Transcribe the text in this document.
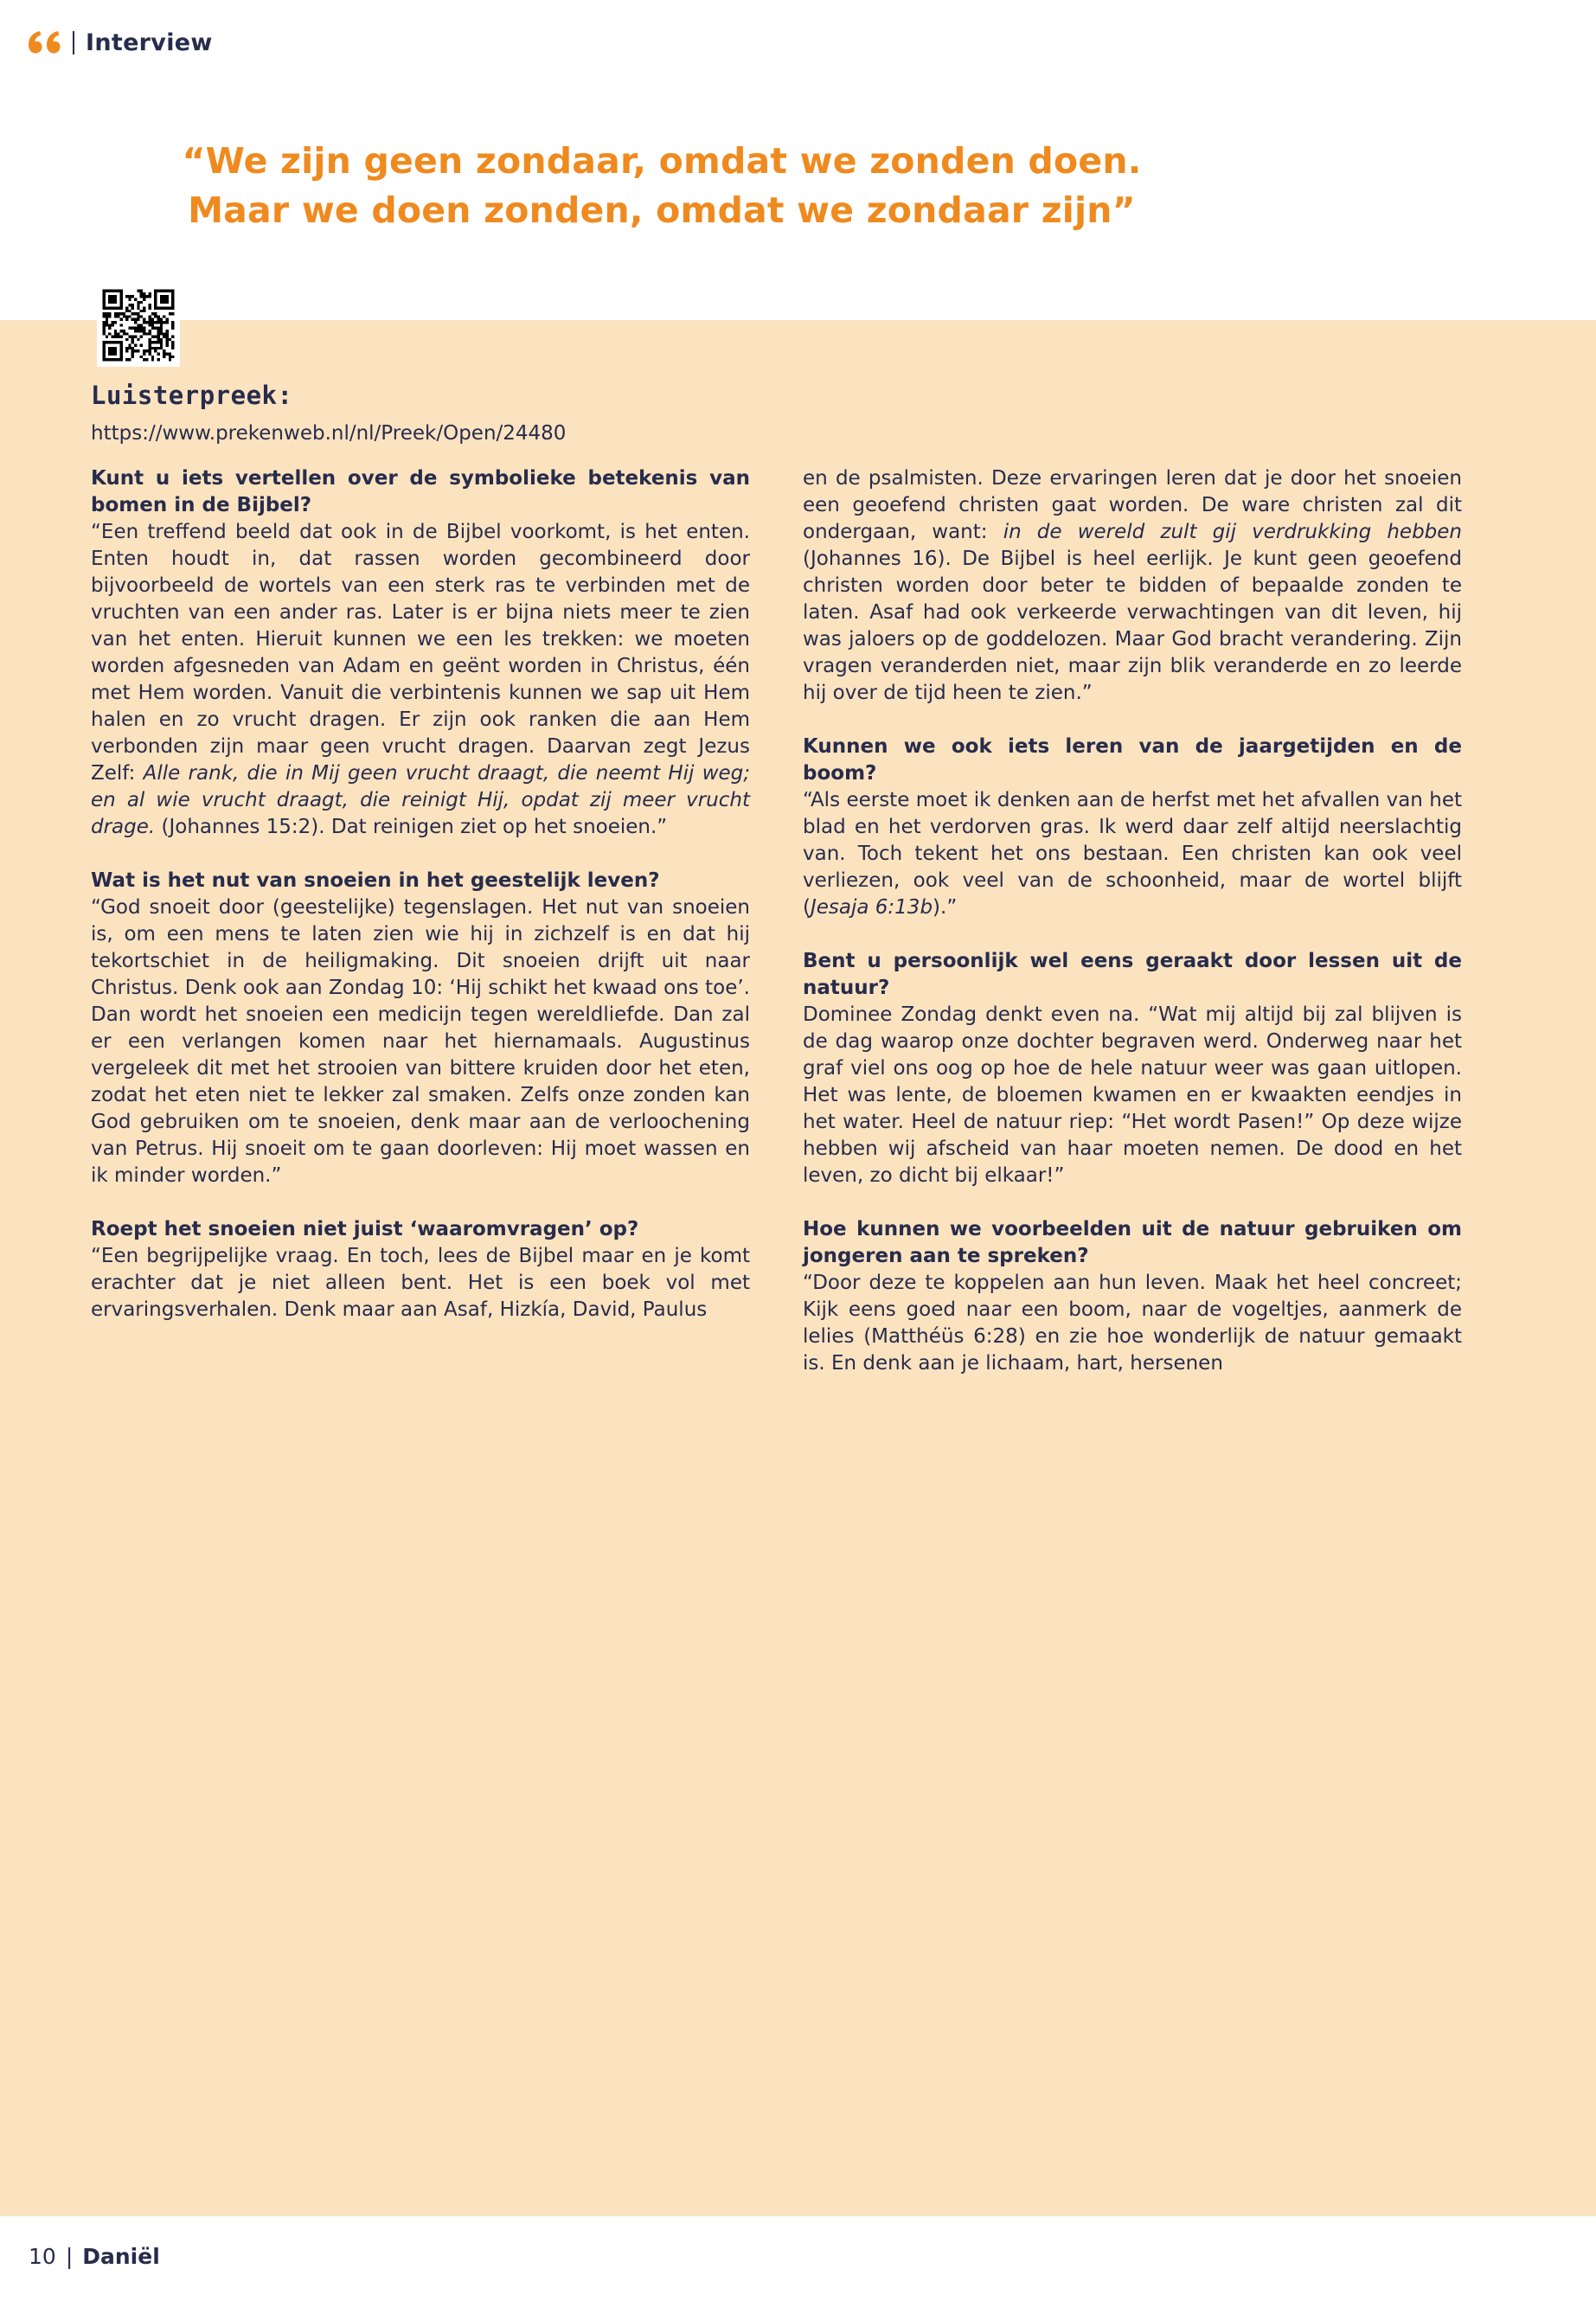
Interview
“We zijn geen zondaar, omdat we zonden doen.
Maar we doen zonden, omdat we zondaar zijn”
Luisterpreek:
https://www.prekenweb.nl/nl/Preek/Open/24480
Kunt u iets vertellen over de symbolieke betekenis van bomen in de Bijbel?

“Een treffend beeld dat ook in de Bijbel voorkomt, is het enten. Enten houdt in, dat rassen worden gecombineerd door bijvoorbeeld de wortels van een sterk ras te verbinden met de vruchten van een ander ras. Later is er bijna niets meer te zien van het enten. Hieruit kunnen we een les trekken: we moeten worden afgesneden van Adam en geënt worden in Christus, één met Hem worden. Vanuit die verbintenis kunnen we sap uit Hem halen en zo vrucht dragen. Er zijn ook ranken die aan Hem verbonden zijn maar geen vrucht dragen. Daarvan zegt Jezus Zelf: Alle rank, die in Mij geen vrucht draagt, die neemt Hij weg; en al wie vrucht draagt, die reinigt Hij, opdat zij meer vrucht drage. (Johannes 15:2). Dat reinigen ziet op het snoeien.”

Wat is het nut van snoeien in het geestelijk leven?

“God snoeit door (geestelijke) tegenslagen. Het nut van snoeien is, om een mens te laten zien wie hij in zichzelf is en dat hij tekortschiet in de heiligmaking. Dit snoeien drijft uit naar Christus. Denk ook aan Zondag 10: ‘Hij schikt het kwaad ons toe’. Dan wordt het snoeien een medicijn tegen wereldliefde. Dan zal er een verlangen komen naar het hiernamaals. Augustinus vergeleek dit met het strooien van bittere kruiden door het eten, zodat het eten niet te lekker zal smaken. Zelfs onze zonden kan God gebruiken om te snoeien, denk maar aan de verloochening van Petrus. Hij snoeit om te gaan doorleven: Hij moet wassen en ik minder worden.”

Roept het snoeien niet juist ‘waaromvragen’ op?

“Een begrijpelijke vraag. En toch, lees de Bijbel maar en je komt erachter dat je niet alleen bent. Het is een boek vol met ervaringsverhalen. Denk maar aan Asaf, Hizkía, David, Paulus

en de psalmisten. Deze ervaringen leren dat je door het snoeien een geoefend christen gaat worden. De ware christen zal dit ondergaan, want: in de wereld zult gij verdrukking hebben (Johannes 16). De Bijbel is heel eerlijk. Je kunt geen geoefend christen worden door beter te bidden of bepaalde zonden te laten. Asaf had ook verkeerde verwachtingen van dit leven, hij was jaloers op de goddelozen. Maar God bracht verandering. Zijn vragen veranderden niet, maar zijn blik veranderde en zo leerde hij over de tijd heen te zien.”

Kunnen we ook iets leren van de jaargetijden en de boom?

“Als eerste moet ik denken aan de herfst met het afvallen van het blad en het verdorven gras. Ik werd daar zelf altijd neerslachtig van. Toch tekent het ons bestaan. Een christen kan ook veel verliezen, ook veel van de schoonheid, maar de wortel blijft (Jesaja 6:13b).”

Bent u persoonlijk wel eens geraakt door lessen uit de natuur?

Dominee Zondag denkt even na. “Wat mij altijd bij zal blijven is de dag waarop onze dochter begraven werd. Onderweg naar het graf viel ons oog op hoe de hele natuur weer was gaan uitlopen. Het was lente, de bloemen kwamen en er kwaakten eendjes in het water. Heel de natuur riep: “Het wordt Pasen!” Op deze wijze hebben wij afscheid van haar moeten nemen. De dood en het leven, zo dicht bij elkaar!”

Hoe kunnen we voorbeelden uit de natuur gebruiken om jongeren aan te spreken?

“Door deze te koppelen aan hun leven. Maak het heel concreet; Kijk eens goed naar een boom, naar de vogeltjes, aanmerk de lelies (Matthéüs 6:28) en zie hoe wonderlijk de natuur gemaakt is. En denk aan je lichaam, hart, hersenen

10 | Daniël
